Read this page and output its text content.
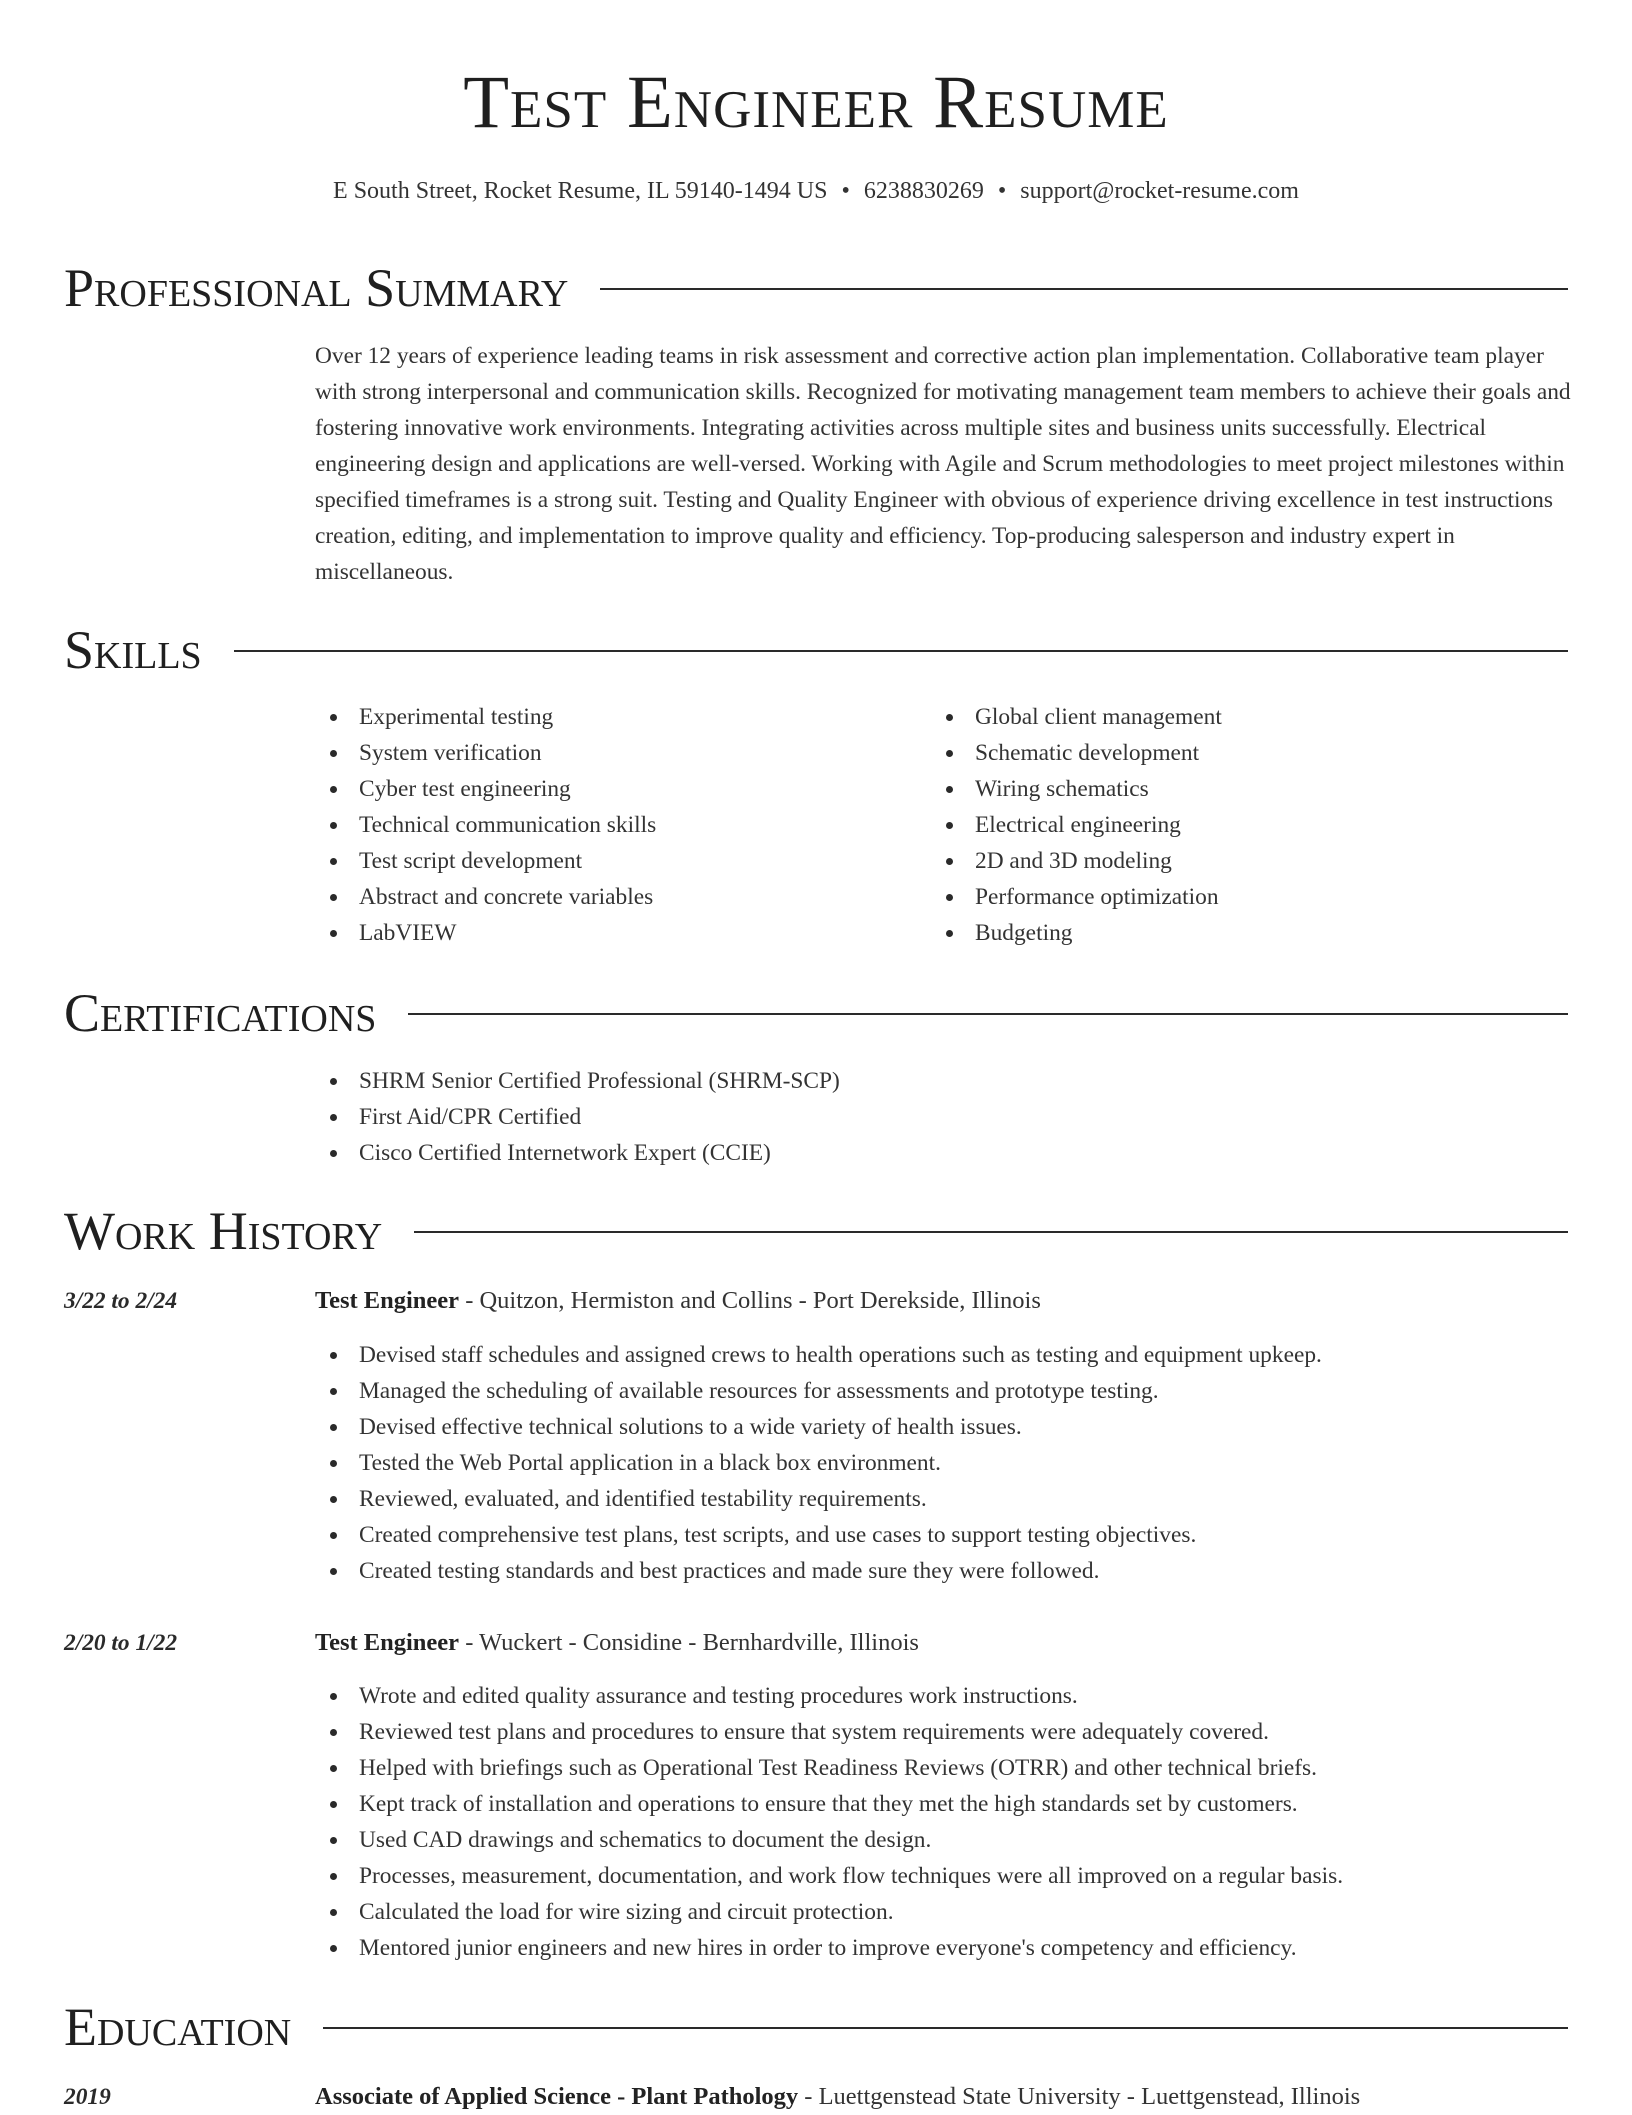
Test Engineer Resume
E South Street, Rocket Resume, IL 59140-1494 US • 6238830269 • support@rocket-resume.com
Professional Summary
Over 12 years of experience leading teams in risk assessment and corrective action plan implementation. Collaborative team player with strong interpersonal and communication skills. Recognized for motivating management team members to achieve their goals and fostering innovative work environments. Integrating activities across multiple sites and business units successfully. Electrical engineering design and applications are well-versed. Working with Agile and Scrum methodologies to meet project milestones within specified timeframes is a strong suit. Testing and Quality Engineer with obvious of experience driving excellence in test instructions creation, editing, and implementation to improve quality and efficiency. Top-producing salesperson and industry expert in miscellaneous.
Skills
Experimental testing
System verification
Cyber test engineering
Technical communication skills
Test script development
Abstract and concrete variables
LabVIEW
Global client management
Schematic development
Wiring schematics
Electrical engineering
2D and 3D modeling
Performance optimization
Budgeting
Certifications
SHRM Senior Certified Professional (SHRM-SCP)
First Aid/CPR Certified
Cisco Certified Internetwork Expert (CCIE)
Work History
3/22 to 2/24	Test Engineer - Quitzon, Hermiston and Collins - Port Derekside, Illinois
Devised staff schedules and assigned crews to health operations such as testing and equipment upkeep.
Managed the scheduling of available resources for assessments and prototype testing.
Devised effective technical solutions to a wide variety of health issues.
Tested the Web Portal application in a black box environment.
Reviewed, evaluated, and identified testability requirements.
Created comprehensive test plans, test scripts, and use cases to support testing objectives.
Created testing standards and best practices and made sure they were followed.
2/20 to 1/22	Test Engineer - Wuckert - Considine - Bernhardville, Illinois
Wrote and edited quality assurance and testing procedures work instructions.
Reviewed test plans and procedures to ensure that system requirements were adequately covered.
Helped with briefings such as Operational Test Readiness Reviews (OTRR) and other technical briefs.
Kept track of installation and operations to ensure that they met the high standards set by customers.
Used CAD drawings and schematics to document the design.
Processes, measurement, documentation, and work flow techniques were all improved on a regular basis.
Calculated the load for wire sizing and circuit protection.
Mentored junior engineers and new hires in order to improve everyone's competency and efficiency.
Education
2019	Associate of Applied Science - Plant Pathology - Luettgenstead State University - Luettgenstead, Illinois
